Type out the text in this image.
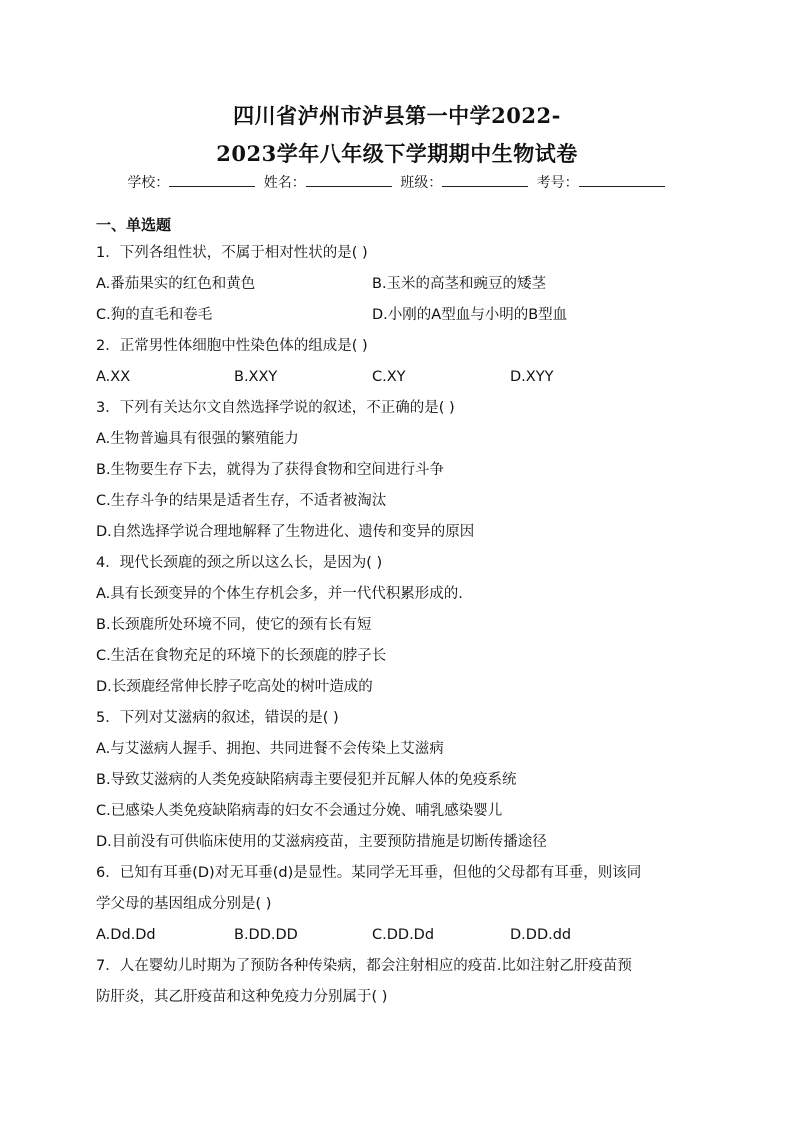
四川省泸州市泸县第一中学2022-
2023学年八年级下学期期中生物试卷
学校：
	姓名：
	班级：
	考号：
一、单选题
1．下列各组性状，不属于相对性状的是( )
A.番茄果实的红色和黄色	B.玉米的高茎和豌豆的矮茎
C.狗的直毛和卷毛	D.小刚的A型血与小明的B型血
2．正常男性体细胞中性染色体的组成是( )
A.XX	B.XXY	C.XY	D.XYY
3．下列有关达尔文自然选择学说的叙述，不正确的是( )
A.生物普遍具有很强的繁殖能力
B.生物要生存下去，就得为了获得食物和空间进行斗争
C.生存斗争的结果是适者生存，不适者被淘汰
D.自然选择学说合理地解释了生物进化、遗传和变异的原因
4．现代长颈鹿的颈之所以这么长，是因为( )
A.具有长颈变异的个体生存机会多，并一代代积累形成的.
B.长颈鹿所处环境不同，使它的颈有长有短
C.生活在食物充足的环境下的长颈鹿的脖子长
D.长颈鹿经常伸长脖子吃高处的树叶造成的
5．下列对艾滋病的叙述，错误的是( )
A.与艾滋病人握手、拥抱、共同进餐不会传染上艾滋病
B.导致艾滋病的人类免疫缺陷病毒主要侵犯并瓦解人体的免疫系统
C.已感染人类免疫缺陷病毒的妇女不会通过分娩、哺乳感染婴儿
D.目前没有可供临床使用的艾滋病疫苗，主要预防措施是切断传播途径
6．已知有耳垂(D)对无耳垂(d)是显性。某同学无耳垂，但他的父母都有耳垂，则该同
学父母的基因组成分别是( )
A.Dd.Dd	B.DD.DD	C.DD.Dd	D.DD.dd
7．人在婴幼儿时期为了预防各种传染病，都会注射相应的疫苗.比如注射乙肝疫苗预
防肝炎，其乙肝疫苗和这种免疫力分别属于( )
